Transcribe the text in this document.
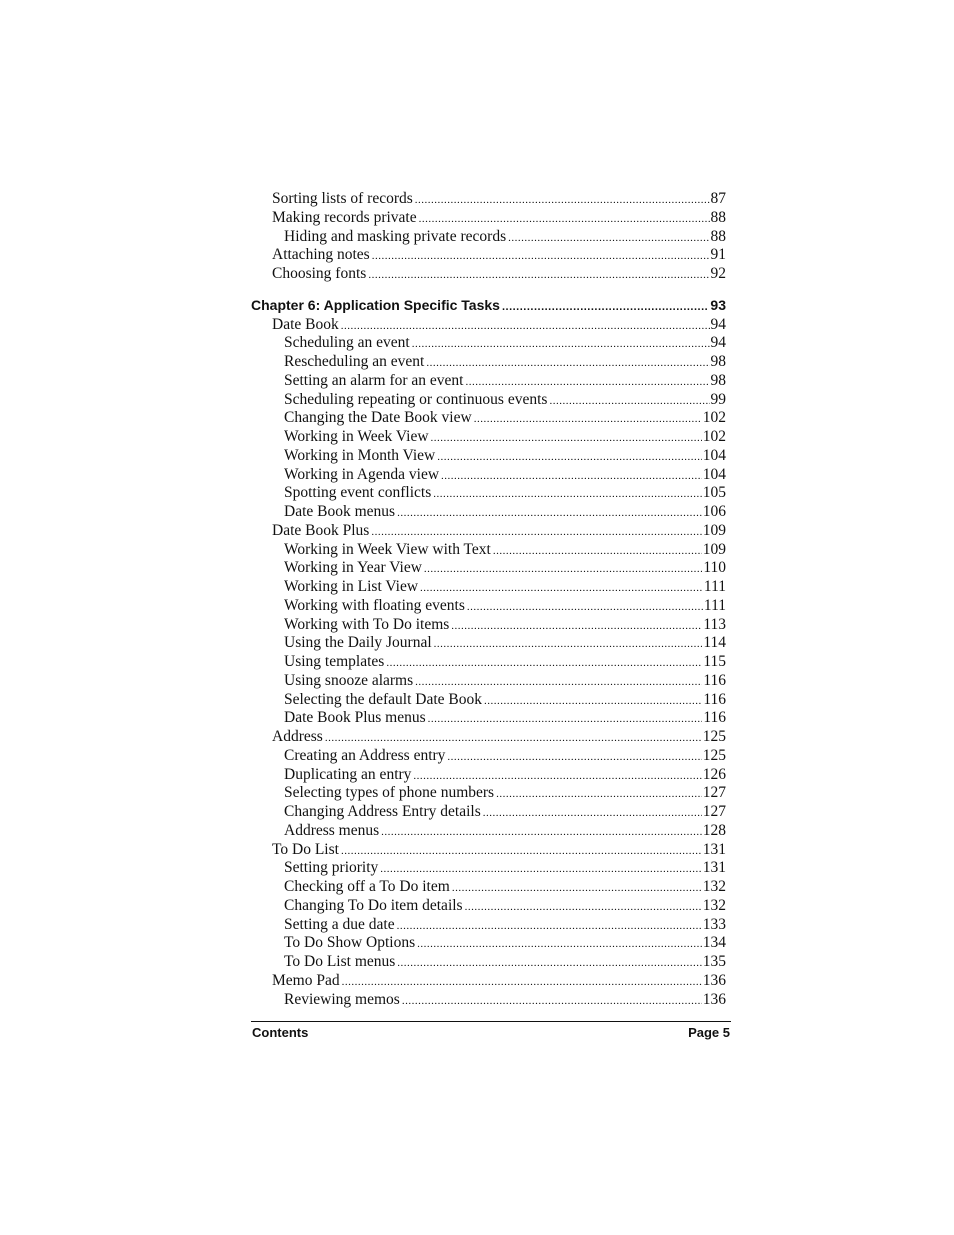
Sorting lists of records .....	87
Making records private .....	88
Hiding and masking private records .....	88
Attaching notes .....	91
Choosing fonts .....	92
Chapter 6: Application Specific Tasks .....	93
Date Book .....	94
Scheduling an event .....	94
Rescheduling an event .....	98
Setting an alarm for an event .....	98
Scheduling repeating or continuous events .....	99
Changing the Date Book view .....	102
Working in Week View .....	102
Working in Month View .....	104
Working in Agenda view .....	104
Spotting event conflicts .....	105
Date Book menus .....	106
Date Book Plus .....	109
Working in Week View with Text .....	109
Working in Year View .....	110
Working in List View .....	111
Working with floating events .....	111
Working with To Do items .....	113
Using the Daily Journal .....	114
Using templates .....	115
Using snooze alarms .....	116
Selecting the default Date Book .....	116
Date Book Plus menus .....	116
Address .....	125
Creating an Address entry .....	125
Duplicating an entry .....	126
Selecting types of phone numbers .....	127
Changing Address Entry details .....	127
Address menus .....	128
To Do List .....	131
Setting priority .....	131
Checking off a To Do item .....	132
Changing To Do item details .....	132
Setting a due date .....	133
To Do Show Options .....	134
To Do List menus .....	135
Memo Pad .....	136
Reviewing memos .....	136
Contents	Page 5
